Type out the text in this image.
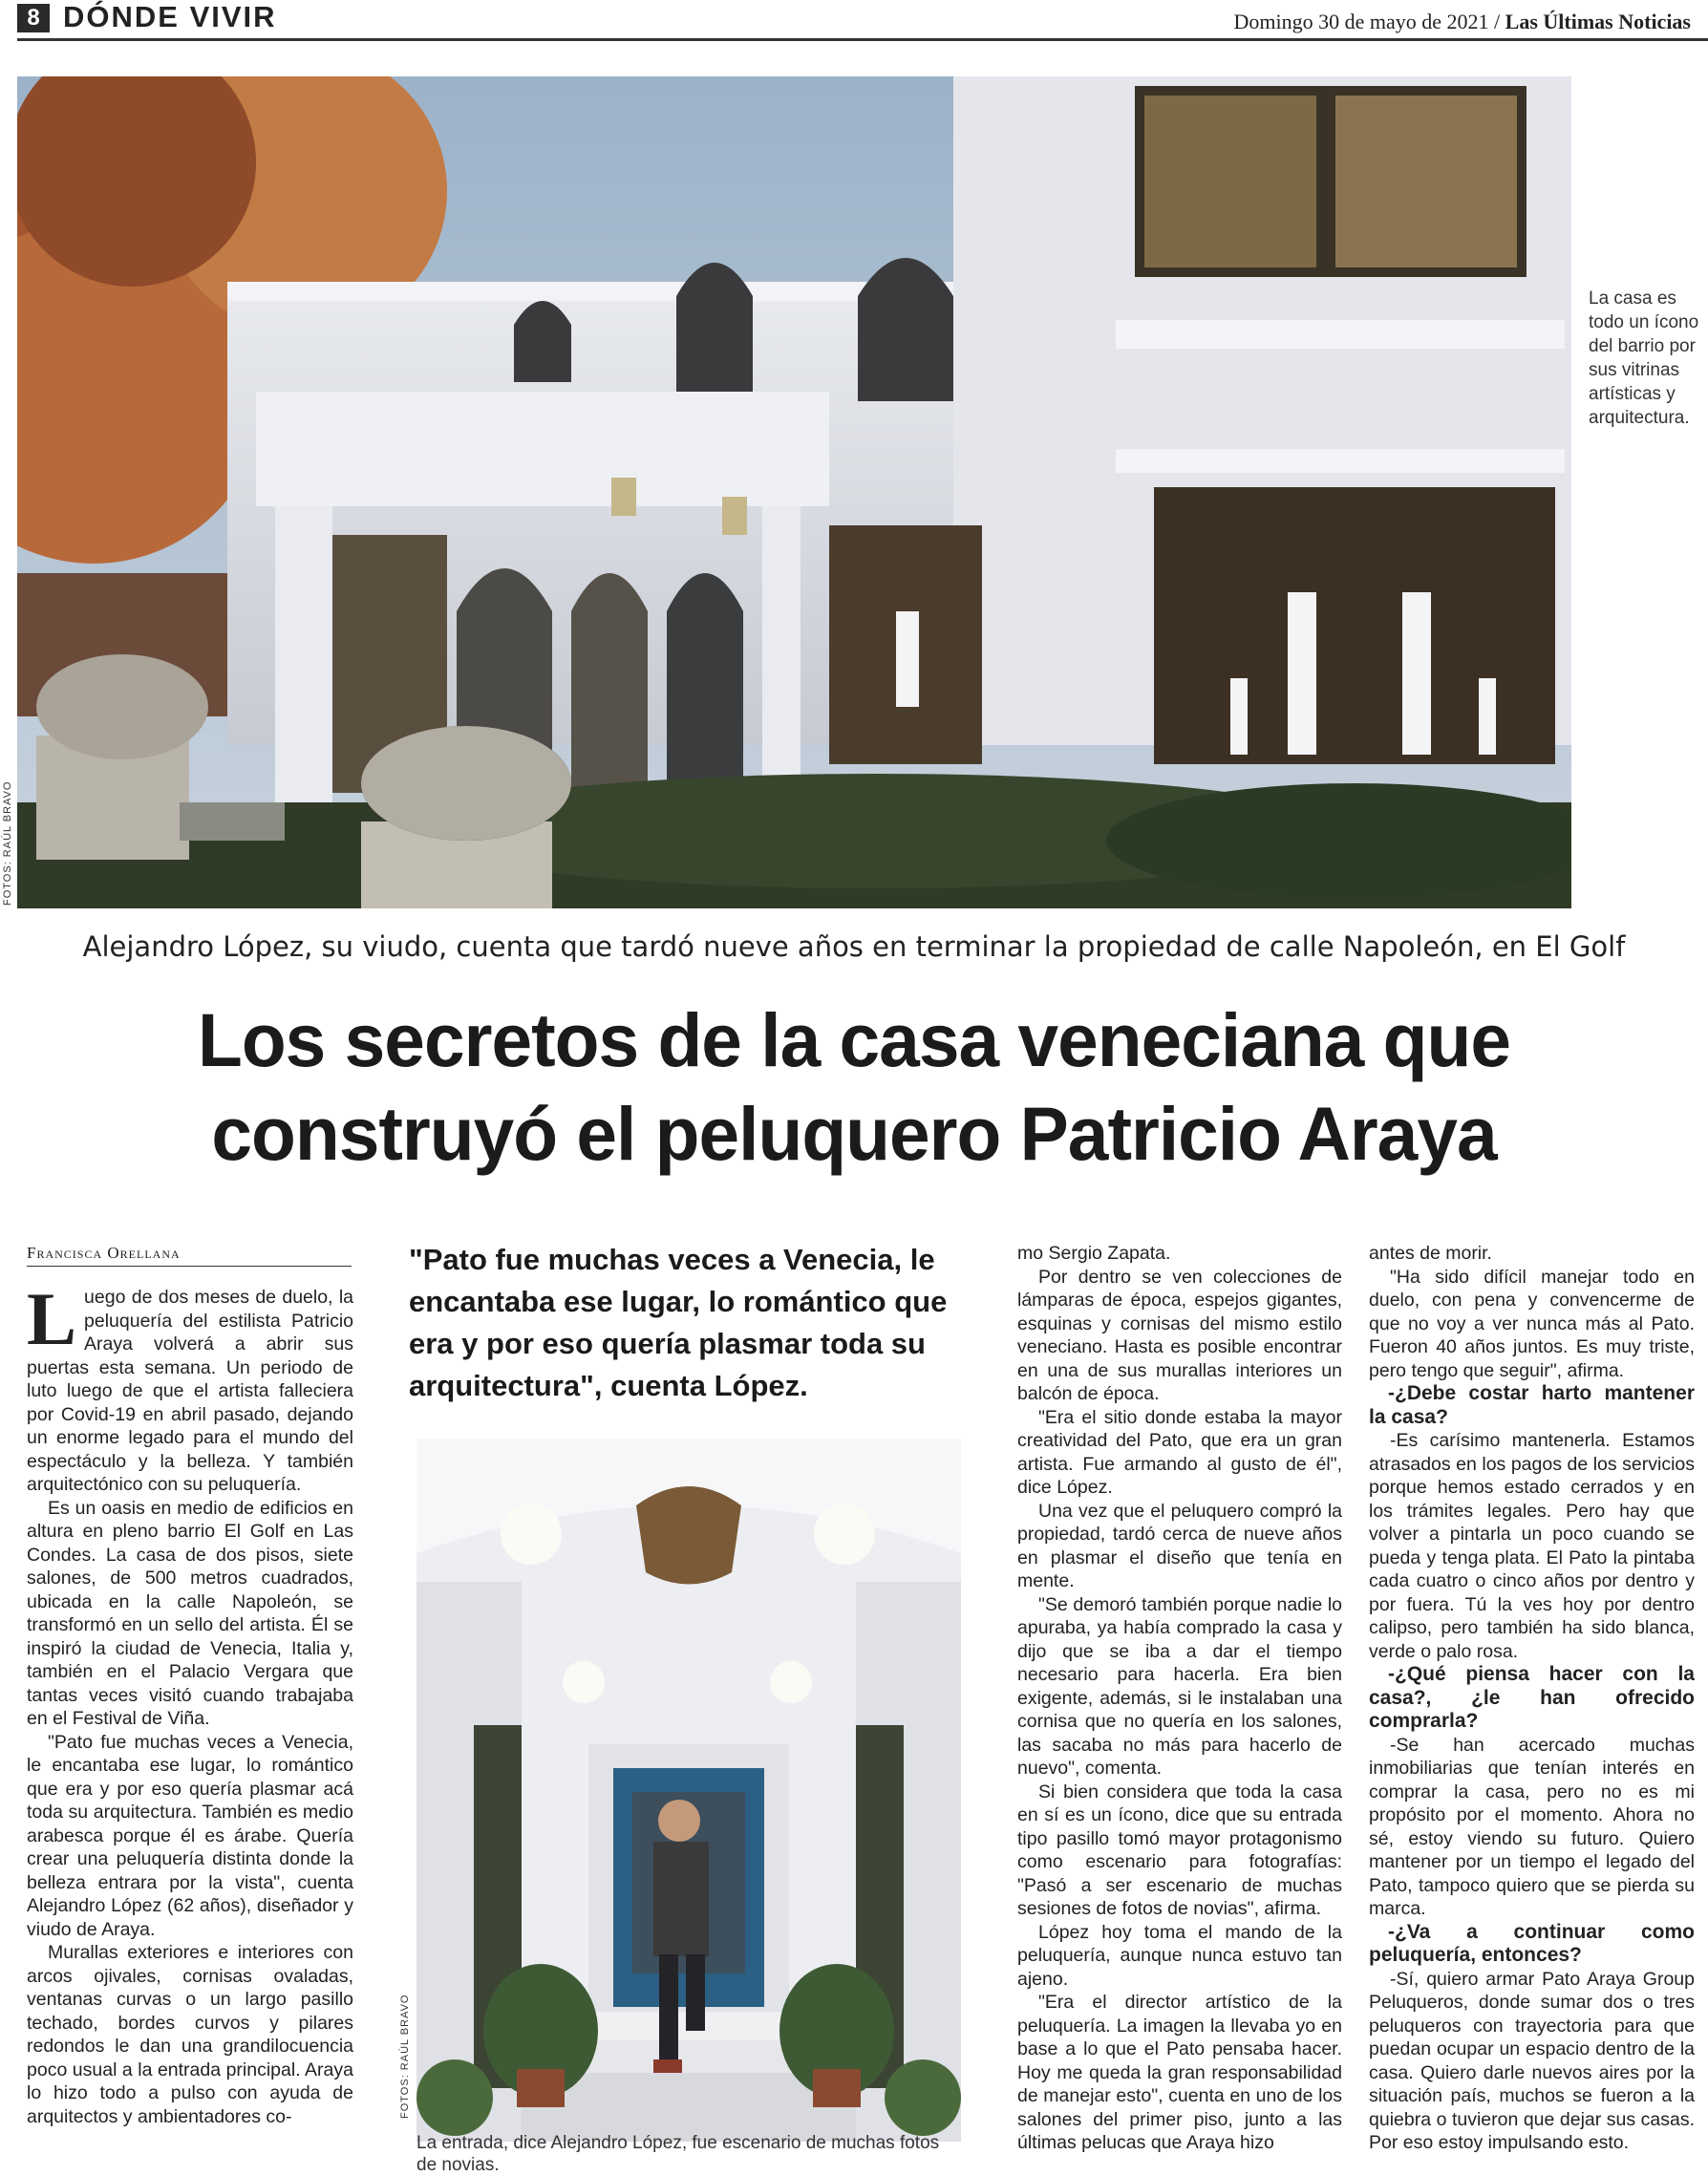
8 DÓNDE VIVIR	Domingo 30 de mayo de 2021 / Las Últimas Noticias
FOTOS: RAÚL BRAVO
La casa es todo un ícono del barrio por sus vitrinas artísticas y arquitectura.
Alejandro López, su viudo, cuenta que tardó nueve años en terminar la propiedad de calle Napoleón, en El Golf
Los secretos de la casa veneciana que
construyó el peluquero Patricio Araya
Francisca Orellana

Luego de dos meses de duelo, la peluquería del estilista Patricio Araya volverá a abrir sus puertas esta semana. Un periodo de luto luego de que el artista falleciera por Covid-19 en abril pasado, dejando un enorme legado para el mundo del espectáculo y la belleza. Y también arquitectónico con su peluquería.

Es un oasis en medio de edificios en altura en pleno barrio El Golf en Las Condes. La casa de dos pisos, siete salones, de 500 metros cuadrados, ubicada en la calle Napoleón, se transformó en un sello del artista. Él se inspiró la ciudad de Venecia, Italia y, también en el Palacio Vergara que tantas veces visitó cuando trabajaba en el Festival de Viña.

"Pato fue muchas veces a Venecia, le encantaba ese lugar, lo romántico que era y por eso quería plasmar acá toda su arquitectura. También es medio arabesca porque él es árabe. Quería crear una peluquería distinta donde la belleza entrara por la vista", cuenta Alejandro López (62 años), diseñador y viudo de Araya.

Murallas exteriores e interiores con arcos ojivales, cornisas ovaladas, ventanas curvas o un largo pasillo techado, bordes curvos y pilares redondos le dan una grandilocuencia poco usual a la entrada principal. Araya lo hizo todo a pulso con ayuda de arquitectos y ambientadores co-

"Pato fue muchas veces a Venecia, le encantaba ese lugar, lo romántico que era y por eso quería plasmar toda su arquitectura", cuenta López.
FOTOS: RAÚL BRAVO
La entrada, dice Alejandro López, fue escenario de muchas fotos de novias.

mo Sergio Zapata.

Por dentro se ven colecciones de lámparas de época, espejos gigantes, esquinas y cornisas del mismo estilo veneciano. Hasta es posible encontrar en una de sus murallas interiores un balcón de época.

"Era el sitio donde estaba la mayor creatividad del Pato, que era un gran artista. Fue armando al gusto de él", dice López.

Una vez que el peluquero compró la propiedad, tardó cerca de nueve años en plasmar el diseño que tenía en mente.

"Se demoró también porque nadie lo apuraba, ya había comprado la casa y dijo que se iba a dar el tiempo necesario para hacerla. Era bien exigente, además, si le instalaban una cornisa que no quería en los salones, las sacaba no más para hacerlo de nuevo", comenta.

Si bien considera que toda la casa en sí es un ícono, dice que su entrada tipo pasillo tomó mayor protagonismo como escenario para fotografías: "Pasó a ser escenario de muchas sesiones de fotos de novias", afirma.

López hoy toma el mando de la peluquería, aunque nunca estuvo tan ajeno.

"Era el director artístico de la peluquería. La imagen la llevaba yo en base a lo que el Pato pensaba hacer. Hoy me queda la gran responsabilidad de manejar esto", cuenta en uno de los salones del primer piso, junto a las últimas pelucas que Araya hizo

antes de morir.

"Ha sido difícil manejar todo en duelo, con pena y convencerme de que no voy a ver nunca más al Pato. Fueron 40 años juntos. Es muy triste, pero tengo que seguir", afirma.

-¿Debe costar harto mantener la casa?

-Es carísimo mantenerla. Estamos atrasados en los pagos de los servicios porque hemos estado cerrados y en los trámites legales. Pero hay que volver a pintarla un poco cuando se pueda y tenga plata. El Pato la pintaba cada cuatro o cinco años por dentro y por fuera. Tú la ves hoy por dentro calipso, pero también ha sido blanca, verde o palo rosa.

-¿Qué piensa hacer con la casa?, ¿le han ofrecido comprarla?

-Se han acercado muchas inmobiliarias que tenían interés en comprar la casa, pero no es mi propósito por el momento. Ahora no sé, estoy viendo su futuro. Quiero mantener por un tiempo el legado del Pato, tampoco quiero que se pierda su marca.

-¿Va a continuar como peluquería, entonces?

-Sí, quiero armar Pato Araya Group Peluqueros, donde sumar dos o tres peluqueros con trayectoria para que puedan ocupar un espacio dentro de la casa. Quiero darle nuevos aires por la situación país, muchos se fueron a la quiebra o tuvieron que dejar sus casas. Por eso estoy impulsando esto.
